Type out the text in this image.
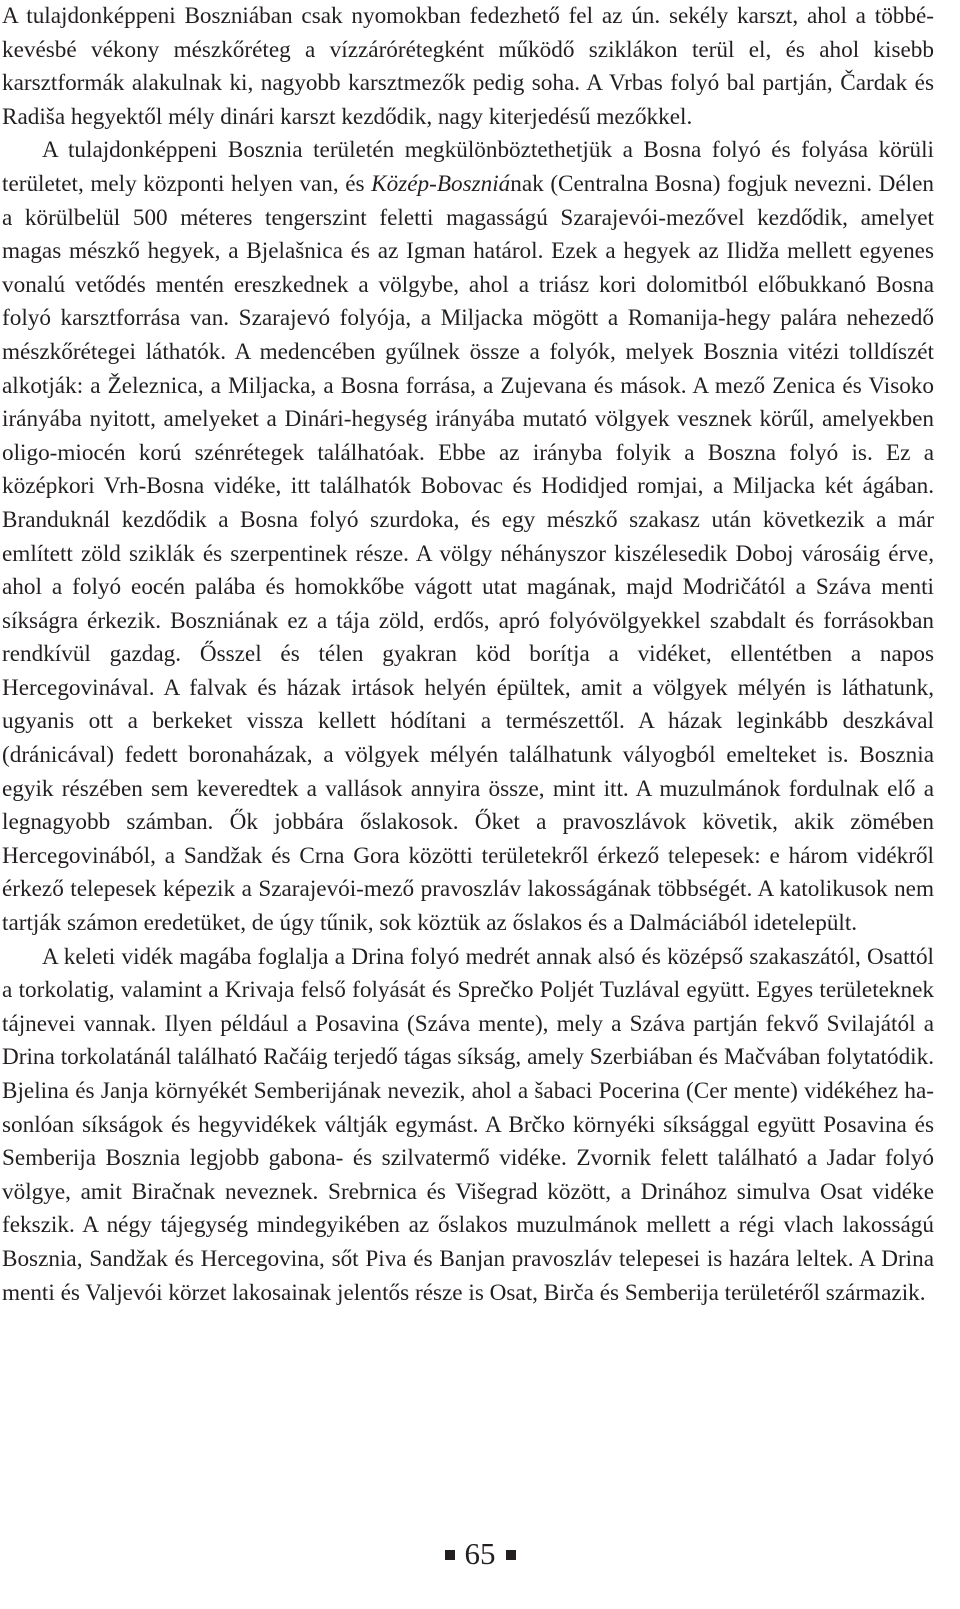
A tulajdonképpeni Boszniában csak nyomokban fedezhető fel az ún. sekély karszt, ahol a többé-kevésbé vékony mészkőréteg a vízzárórétegként működő sziklákon terül el, és ahol kisebb karsztformák alakulnak ki, nagyobb karsztmezők pedig soha. A Vrbas folyó bal partján, Čardak és Radiša hegyektől mély dinári karszt kezdődik, nagy kiterjedésű mezőkkel.

A tulajdonképpeni Bosznia területén megkülönböztethetjük a Bosna folyó és folyása körüli területet, mely központi helyen van, és Közép-Boszniának (Centralna Bosna) fogjuk nevezni. Délen a körülbelül 500 méteres tengerszint feletti magasságú Szarajevói-mezővel kezdődik, amelyet magas mészkő hegyek, a Bjelašnica és az Igman határol. Ezek a hegyek az Ilidža mellett egyenes vonalú vetődés mentén ereszkednek a völgybe, ahol a triász kori dolomitból előbukkanó Bosna folyó karsztforrása van. Szarajevó folyója, a Miljacka mögött a Romanija-hegy palára nehezedő mészkőrétegei láthatók. A medencében gyűlnek össze a folyók, melyek Bosznia vitézi tolldíszét alkotják: a Železnica, a Miljacka, a Bosna forrása, a Zujevana és mások. A mező Zenica és Visoko irányába nyitott, amelyeket a Dinári-hegység irányába mutató völgyek vesznek körűl, amelyekben oligo-miocén korú szénrétegek találhatóak. Ebbe az irányba folyik a Boszna folyó is. Ez a középkori Vrh-Bosna vidéke, itt találhatók Bobovac és Hodidjed romjai, a Miljacka két ágában. Branduknál kezdődik a Bosna folyó szurdoka, és egy mészkő szakasz után következik a már említett zöld sziklák és szerpentinek része. A völgy néhányszor kiszélesedik Doboj városáig érve, ahol a folyó eocén palába és homokkőbe vágott utat magának, majd Modričától a Száva menti síkságra érkezik. Boszniának ez a tája zöld, erdős, apró folyóvölgyekkel szabdalt és forrásokban rendkívül gazdag. Ősszel és télen gyakran köd borítja a vidéket, ellentétben a napos Hercegovinával. A falvak és házak irtások helyén épültek, amit a völgyek mélyén is láthatunk, ugyanis ott a berkeket vissza kellett hódítani a természettől. A házak leginkább deszkával (dránicával) fedett boronaházak, a völgyek mélyén találhatunk vályogból emelteket is. Bosznia egyik részében sem keveredtek a vallások annyira össze, mint itt. A muzulmánok fordulnak elő a legnagyobb számban. Ők jobbára őslakosok. Őket a pravoszlávok követik, akik zömében Hercegovinából, a Sandžak és Crna Gora közötti területekről érkező telepesek: e három vidékről érkező telepesek képezik a Szarajevói-mező pravoszláv lakosságának többségét. A katolikusok nem tartják számon eredetüket, de úgy tűnik, sok köztük az őslakos és a Dalmáciából idetelepült.

A keleti vidék magába foglalja a Drina folyó medrét annak alsó és középső szakaszától, Osattól a torkolatig, valamint a Krivaja felső folyását és Sprečko Poljét Tuzlával együtt. Egyes területeknek tájnevei vannak. Ilyen például a Posavina (Száva mente), mely a Száva partján fekvő Svilajától a Drina torkolatánál található Račáig terjedő tágas síkság, amely Szerbiában és Mačvában folytatódik. Bjelina és Janja környékét Semberijának nevezik, ahol a šabaci Pocerina (Cer mente) vidékéhez hasonlóan síkságok és hegyvidékek váltják egymást. A Brčko környéki síksággal együtt Posavina és Semberija Bosznia legjobb gabona- és szilvatermő vidéke. Zvornik felett található a Jadar folyó völgye, amit Biračnak neveznek. Srebrnica és Višegrad között, a Drinához simulva Osat vidéke fekszik. A négy tájegység mindegyikében az őslakos muzulmánok mellett a régi vlach lakosságú Bosznia, Sandžak és Hercegovina, sőt Piva és Banjan pravoszláv telepesei is hazára leltek. A Drina menti és Valjevói körzet lakosainak jelentős része is Osat, Birča és Semberija területéről származik.

65
